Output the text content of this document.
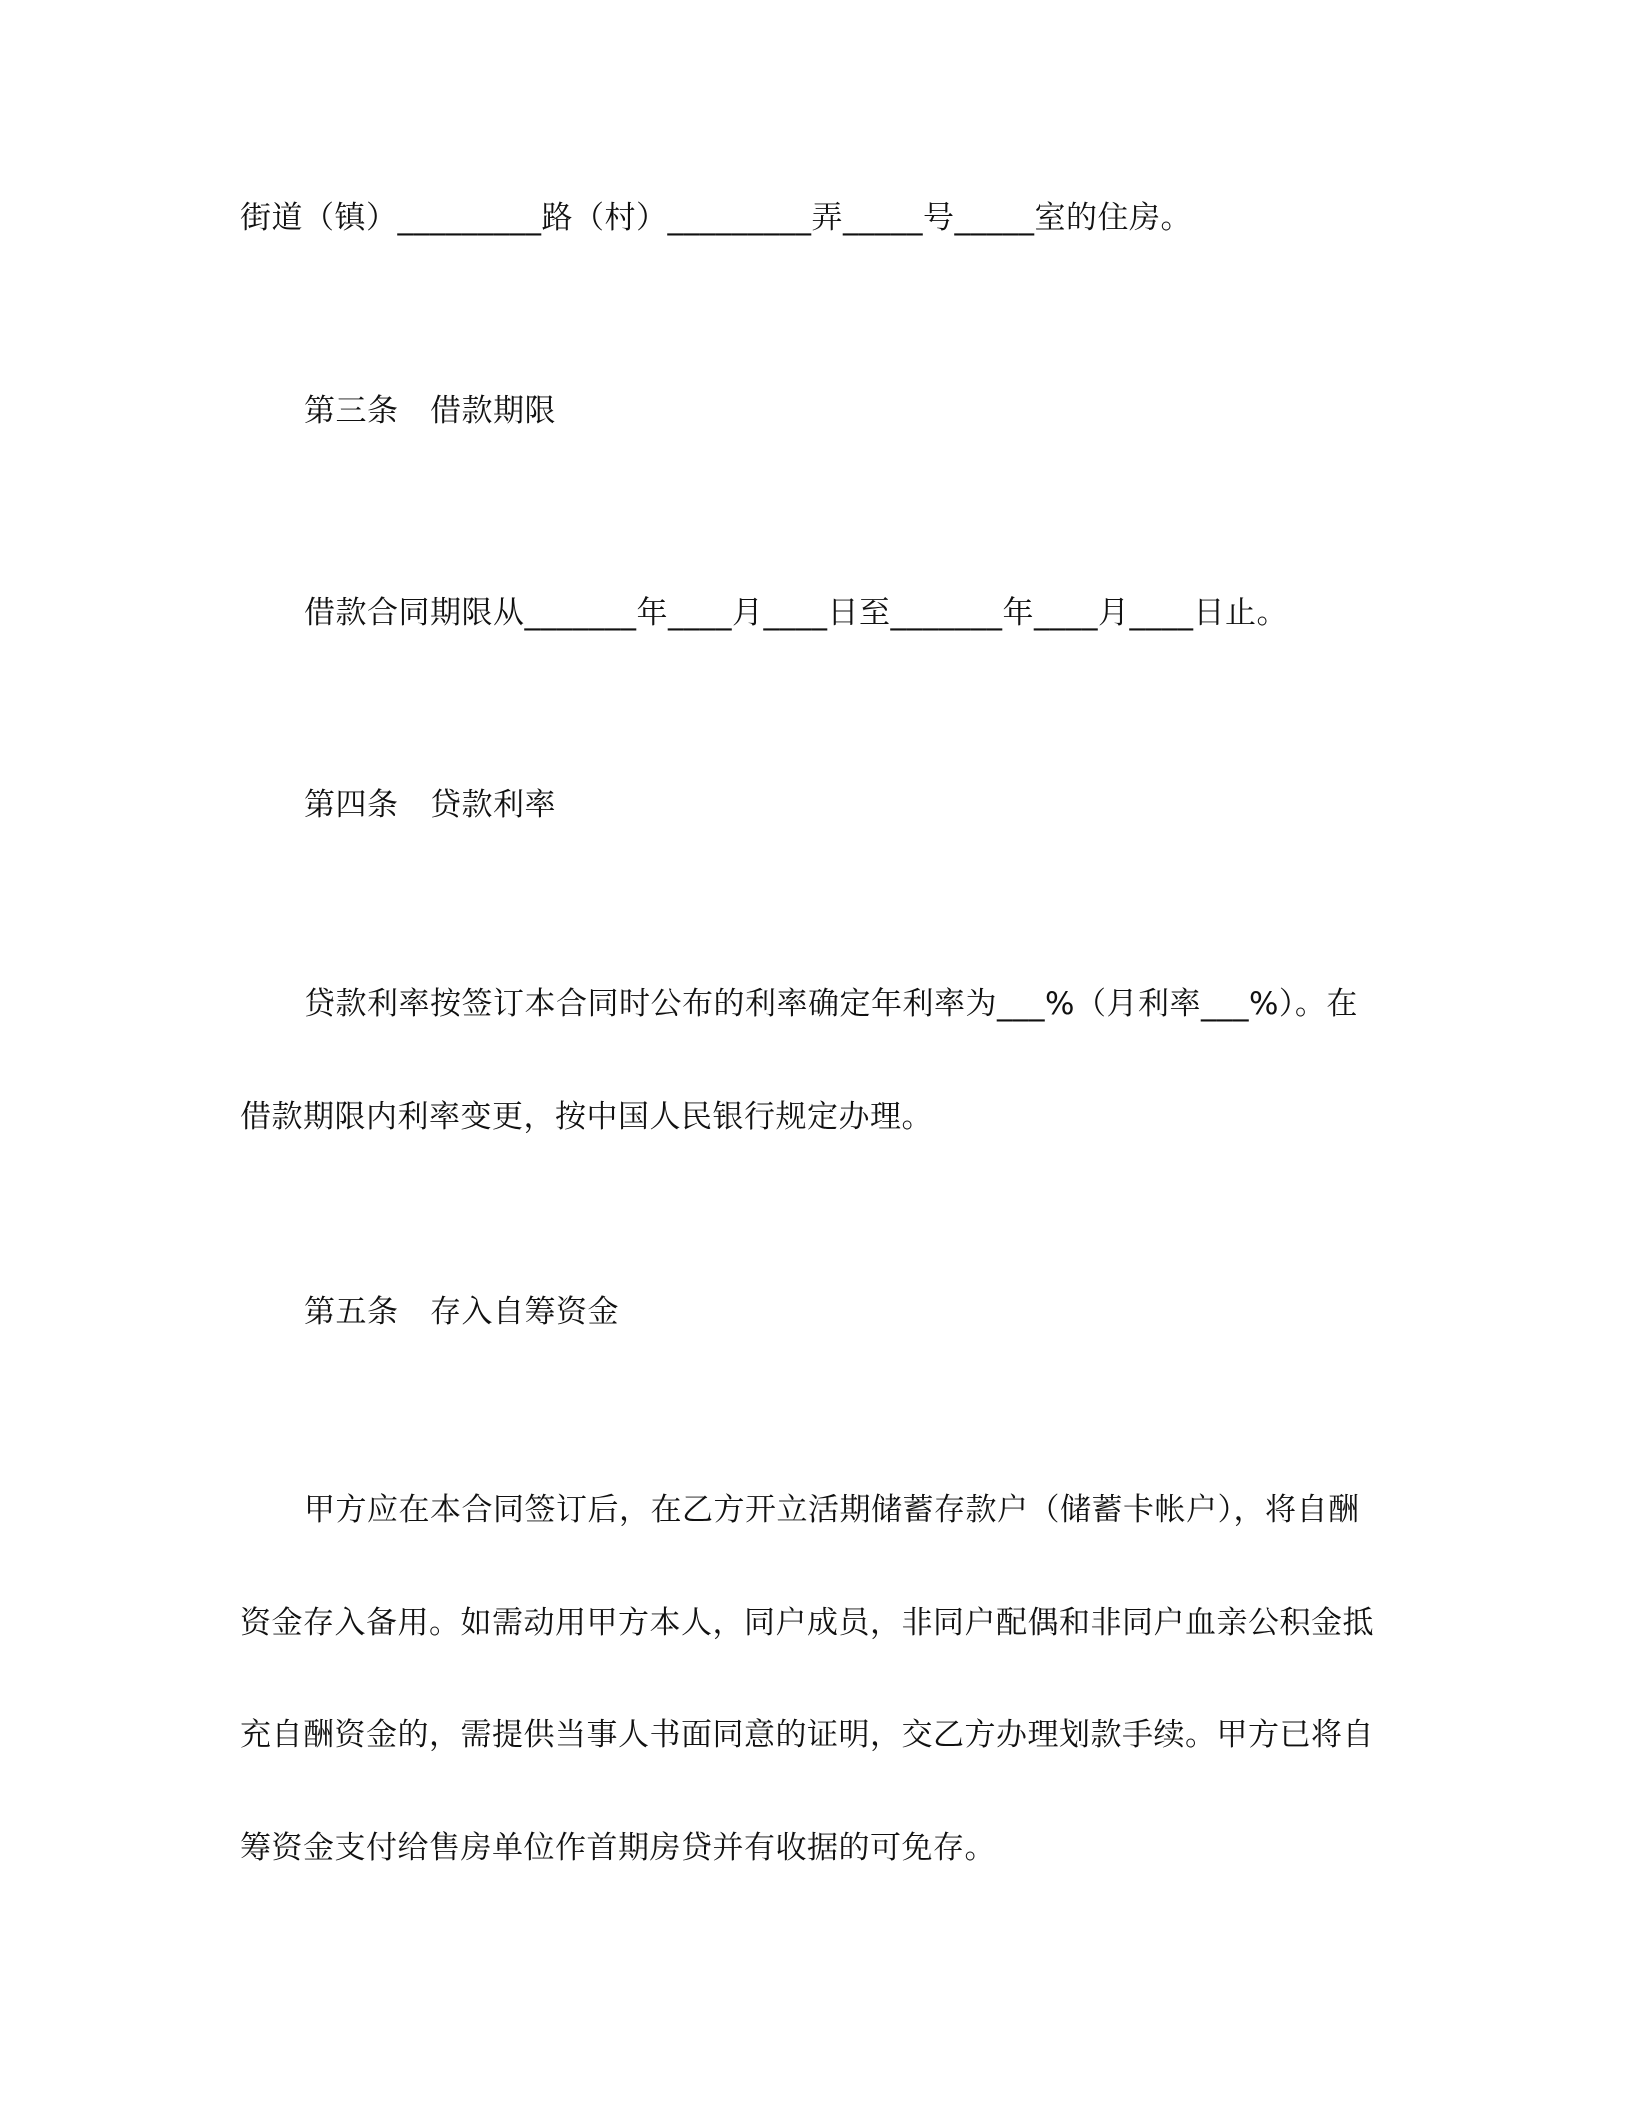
街道（镇）_________路（村）_________弄_____号_____室的住房。
第三条　借款期限
借款合同期限从_______年____月____日至_______年____月____日止。
第四条　贷款利率
贷款利率按签订本合同时公布的利率确定年利率为___%（月利率___%）。在
借款期限内利率变更，按中国人民银行规定办理。
第五条　存入自筹资金
甲方应在本合同签订后，在乙方开立活期储蓄存款户（储蓄卡帐户），将自酬
资金存入备用。如需动用甲方本人，同户成员，非同户配偶和非同户血亲公积金抵
充自酬资金的，需提供当事人书面同意的证明，交乙方办理划款手续。甲方已将自
筹资金支付给售房单位作首期房贷并有收据的可免存。
